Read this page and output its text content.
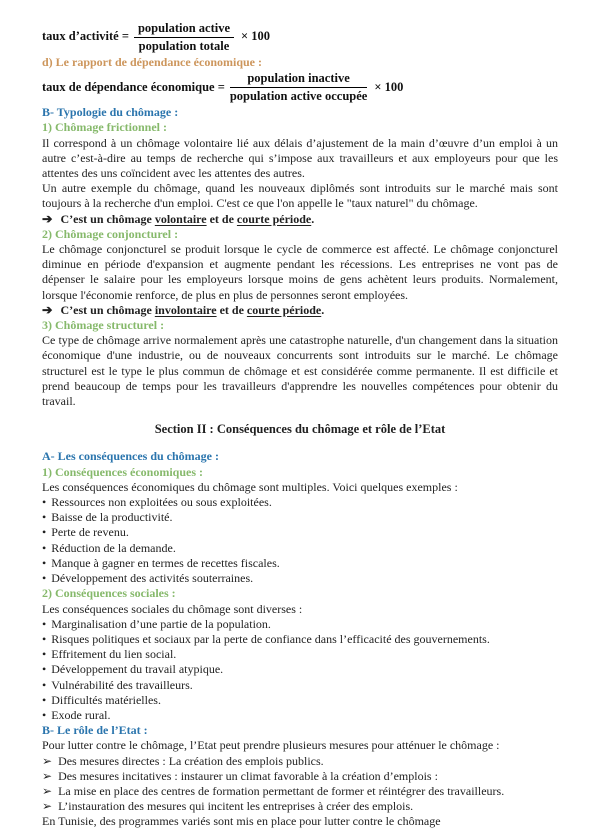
taux d’activité = $\frac{\text{population active}}{\text{population totale}} \times 100$
d) Le rapport de dépendance économique :
taux de dépendance économique = $\frac{\text{population inactive}}{\text{population active occupée}} \times 100$
B- Typologie du chômage :
1) Chômage frictionnel :

Il correspond à un chômage volontaire lié aux délais d’ajustement de la main d’œuvre d’un emploi à un autre c’est-à-dire au temps de recherche qui s’impose aux travailleurs et aux employeurs pour que les attentes des uns coïncident avec les attentes des autres.

Un autre exemple du chômage, quand les nouveaux diplômés sont introduits sur le marché mais sont toujours à la recherche d'un emploi. C'est ce que l'on appelle le "taux naturel" du chômage.

➔ C’est un chômage volontaire et de courte période.

2) Chômage conjoncturel :

Le chômage conjoncturel se produit lorsque le cycle de commerce est affecté. Le chômage conjoncturel diminue en période d'expansion et augmente pendant les récessions. Les entreprises ne vont pas de dépenser le salaire pour les employeurs lorsque moins de gens achètent leurs produits. Normalement, lorsque l'économie renforce, de plus en plus de personnes seront employées.

➔ C’est un chômage involontaire et de courte période.

3) Chômage structurel :

Ce type de chômage arrive normalement après une catastrophe naturelle, d'un changement dans la situation économique d'une industrie, ou de nouveaux concurrents sont introduits sur le marché. Le chômage structurel est le type le plus commun de chômage et est considérée comme permanente. Il est difficile et prend beaucoup de temps pour les travailleurs d'apprendre les nouvelles compétences pour obtenir du travail.

Section II : Conséquences du chômage et rôle de l’Etat
A- Les conséquences du chômage :
1) Conséquences économiques :

Les conséquences économiques du chômage sont multiples. Voici quelques exemples :

• Ressources non exploitées ou sous exploitées.

• Baisse de la productivité.

• Perte de revenu.

• Réduction de la demande.

• Manque à gagner en termes de recettes fiscales.

• Développement des activités souterraines.

2) Conséquences sociales :

Les conséquences sociales du chômage sont diverses :

• Marginalisation d’une partie de la population.

• Risques politiques et sociaux par la perte de confiance dans l’efficacité des gouvernements.

• Effritement du lien social.

• Développement du travail atypique.

• Vulnérabilité des travailleurs.

• Difficultés matérielles.

• Exode rural.

B- Le rôle de l’Etat :

Pour lutter contre le chômage, l’Etat peut prendre plusieurs mesures pour atténuer le chômage :

➢ Des mesures directes : La création des emplois publics.

➢ Des mesures incitatives : instaurer un climat favorable à la création d’emplois :

➢ La mise en place des centres de formation permettant de former et réintégrer des travailleurs.

➢ L’instauration des mesures qui incitent les entreprises à créer des emplois.

En Tunisie, des programmes variés sont mis en place pour lutter contre le chômage
